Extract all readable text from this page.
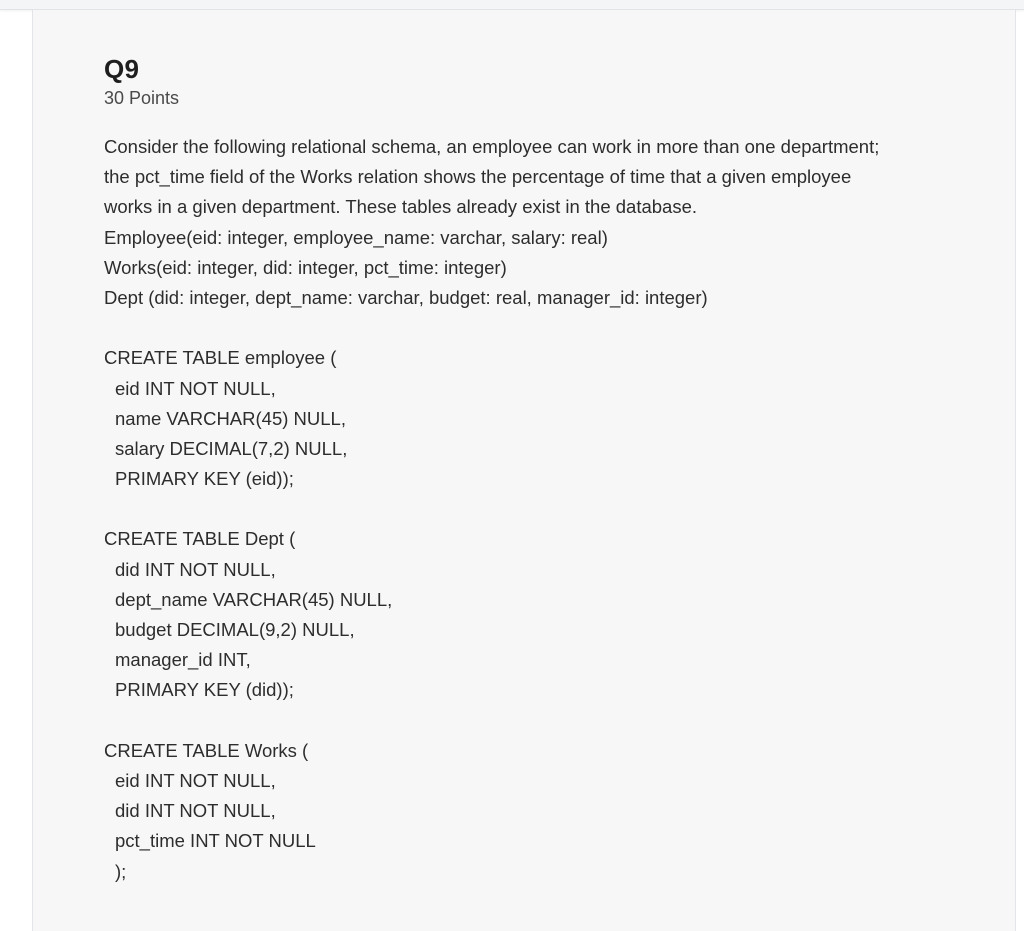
Q9
30 Points
Consider the following relational schema, an employee can work in more than one department;
the pct_time field of the Works relation shows the percentage of time that a given employee
works in a given department. These tables already exist in the database.
Employee(eid: integer, employee_name: varchar, salary: real)
Works(eid: integer, did: integer, pct_time: integer)
Dept (did: integer, dept_name: varchar, budget: real, manager_id: integer)
CREATE TABLE employee (
eid INT NOT NULL,
name VARCHAR(45) NULL,
salary DECIMAL(7,2) NULL,
PRIMARY KEY (eid));
CREATE TABLE Dept (
did INT NOT NULL,
dept_name VARCHAR(45) NULL,
budget DECIMAL(9,2) NULL,
manager_id INT,
PRIMARY KEY (did));
CREATE TABLE Works (
eid INT NOT NULL,
did INT NOT NULL,
pct_time INT NOT NULL
);
